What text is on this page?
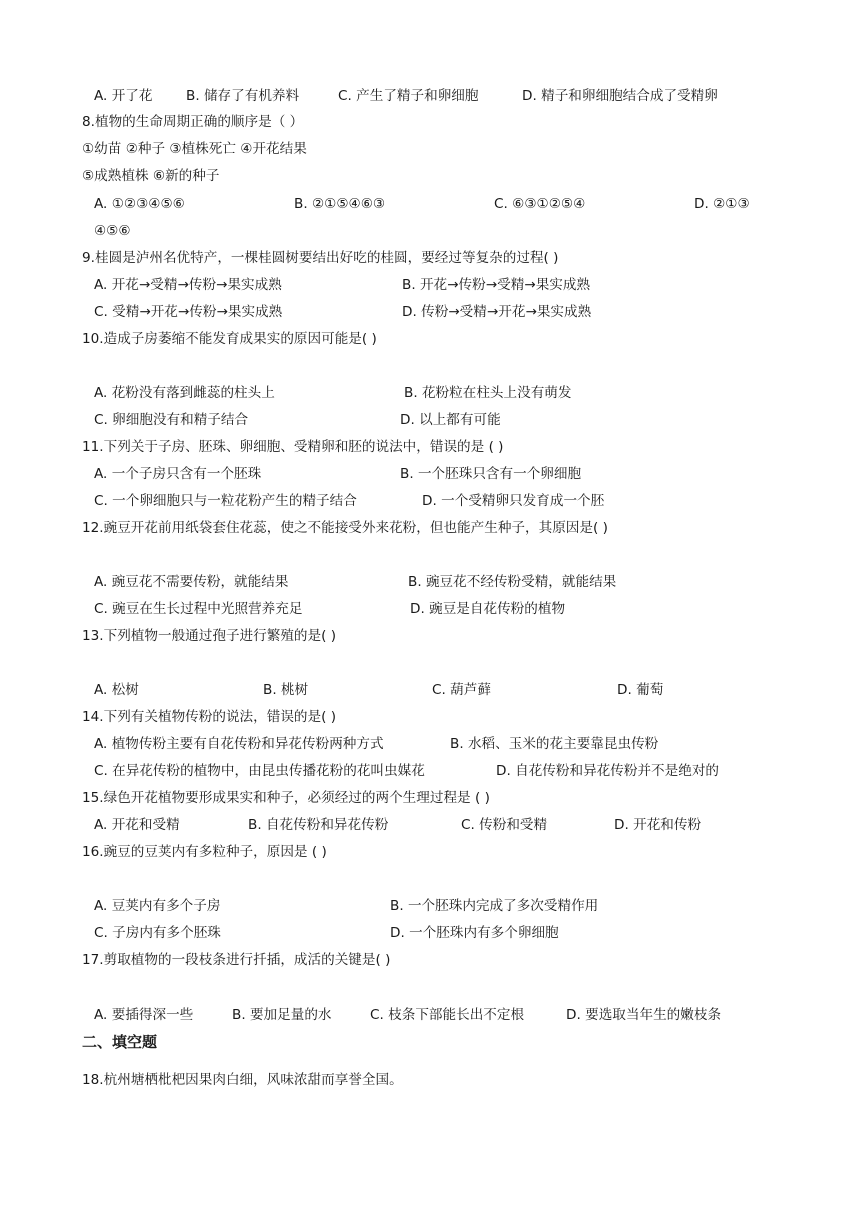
A. 开了花 B. 储存了有机养料	C. 产生了精子和卵细胞	D. 精子和卵细胞结合成了受精卵
8.植物的生命周期正确的顺序是（ ）
①幼苗 ②种子 ③植株死亡 ④开花结果
⑤成熟植株 ⑥新的种子
A. ①②③④⑤⑥	B. ②①⑤④⑥③	C. ⑥③①②⑤④	D. ②①③
④⑤⑥
9.桂圆是泸州名优特产，一棵桂圆树要结出好吃的桂圆，要经过等复杂的过程( )
A. 开花→受精→传粉→果实成熟	B. 开花→传粉→受精→果实成熟
C. 受精→开花→传粉→果实成熟	D. 传粉→受精→开花→果实成熟
10.造成子房萎缩不能发育成果实的原因可能是( )
A. 花粉没有落到雌蕊的柱头上	B. 花粉粒在柱头上没有萌发
C. 卵细胞没有和精子结合	D. 以上都有可能
11.下列关于子房、胚珠、卵细胞、受精卵和胚的说法中，错误的是 ( )
A. 一个子房只含有一个胚珠	B. 一个胚珠只含有一个卵细胞
C. 一个卵细胞只与一粒花粉产生的精子结合	D. 一个受精卵只发育成一个胚
12.豌豆开花前用纸袋套住花蕊，使之不能接受外来花粉，但也能产生种子，其原因是( )
A. 豌豆花不需要传粉，就能结果	B. 豌豆花不经传粉受精，就能结果
C. 豌豆在生长过程中光照营养充足	D. 豌豆是自花传粉的植物
13.下列植物一般通过孢子进行繁殖的是( )
A. 松树	B. 桃树	C. 葫芦藓	D. 葡萄
14.下列有关植物传粉的说法，错误的是( )
A. 植物传粉主要有自花传粉和异花传粉两种方式	B. 水稻、玉米的花主要靠昆虫传粉
C. 在异花传粉的植物中，由昆虫传播花粉的花叫虫媒花	D. 自花传粉和异花传粉并不是绝对的
15.绿色开花植物要形成果实和种子，必须经过的两个生理过程是 ( )
A. 开花和受精	B. 自花传粉和异花传粉	C. 传粉和受精	D. 开花和传粉
16.豌豆的豆荚内有多粒种子，原因是 ( )
A. 豆荚内有多个子房	B. 一个胚珠内完成了多次受精作用
C. 子房内有多个胚珠	D. 一个胚珠内有多个卵细胞
17.剪取植物的一段枝条进行扦插，成活的关键是( )
A. 要插得深一些	B. 要加足量的水	C. 枝条下部能长出不定根	D. 要选取当年生的嫩枝条
二、填空题
18.杭州塘栖枇杷因果肉白细，风味浓甜而享誉全国。
